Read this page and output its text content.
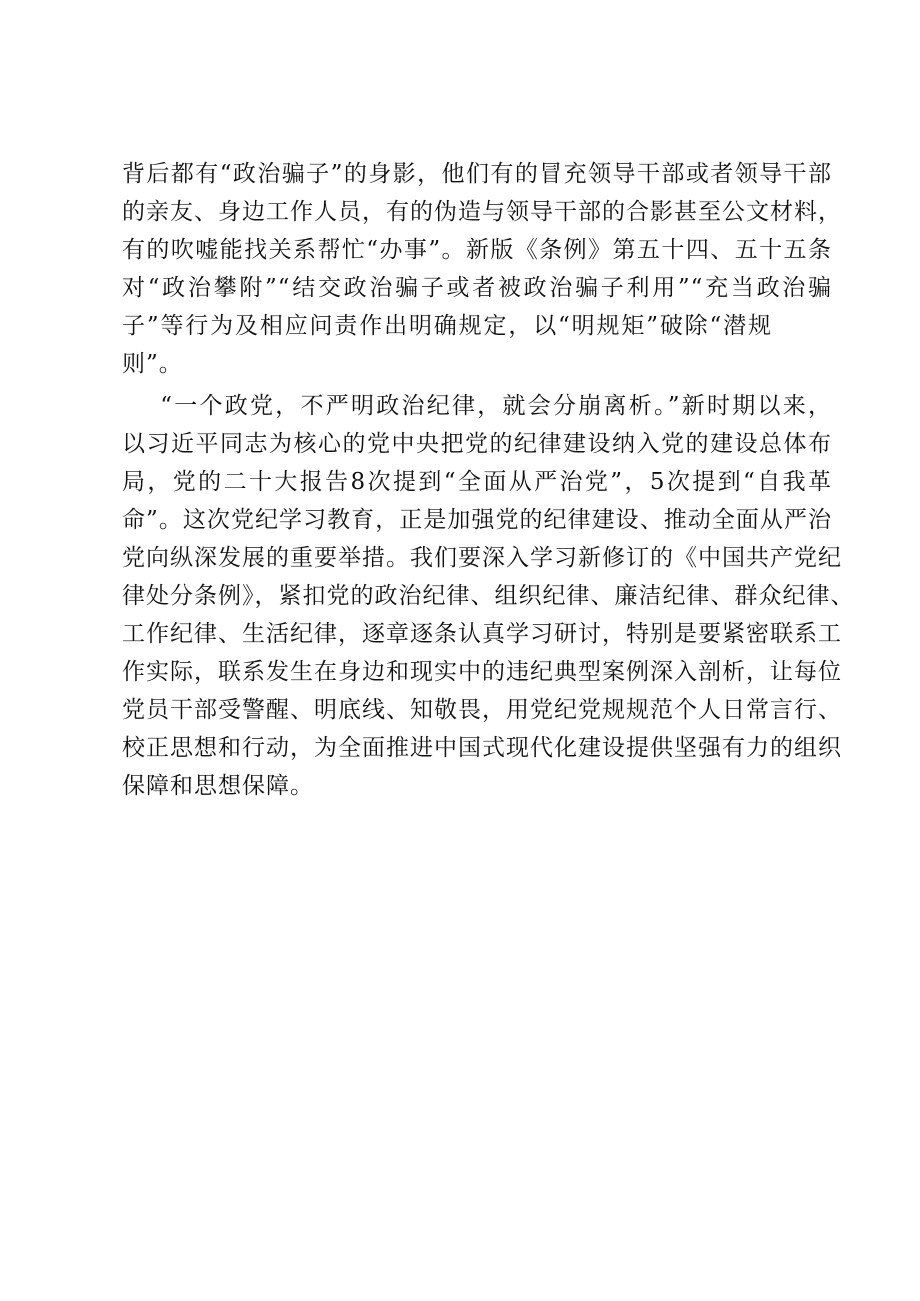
背后都有“政治骗子”的身影，他们有的冒充领导干部或者领导干部
的亲友、身边工作人员，有的伪造与领导干部的合影甚至公文材料，
有的吹嘘能找关系帮忙“办事”。新版《条例》第五十四、五十五条
对“政治攀附”“结交政治骗子或者被政治骗子利用”“充当政治骗
子”等行为及相应问责作出明确规定，以“明规矩”破除“潜规
则”。
“一个政党，不严明政治纪律，就会分崩离析。”新时期以来，
以习近平同志为核心的党中央把党的纪律建设纳入党的建设总体布
局，党的二十大报告8次提到“全面从严治党”，5次提到“自我革
命”。这次党纪学习教育，正是加强党的纪律建设、推动全面从严治
党向纵深发展的重要举措。我们要深入学习新修订的《中国共产党纪
律处分条例》，紧扣党的政治纪律、组织纪律、廉洁纪律、群众纪律、
工作纪律、生活纪律，逐章逐条认真学习研讨，特别是要紧密联系工
作实际，联系发生在身边和现实中的违纪典型案例深入剖析，让每位
党员干部受警醒、明底线、知敬畏，用党纪党规规范个人日常言行、
校正思想和行动，为全面推进中国式现代化建设提供坚强有力的组织
保障和思想保障。
